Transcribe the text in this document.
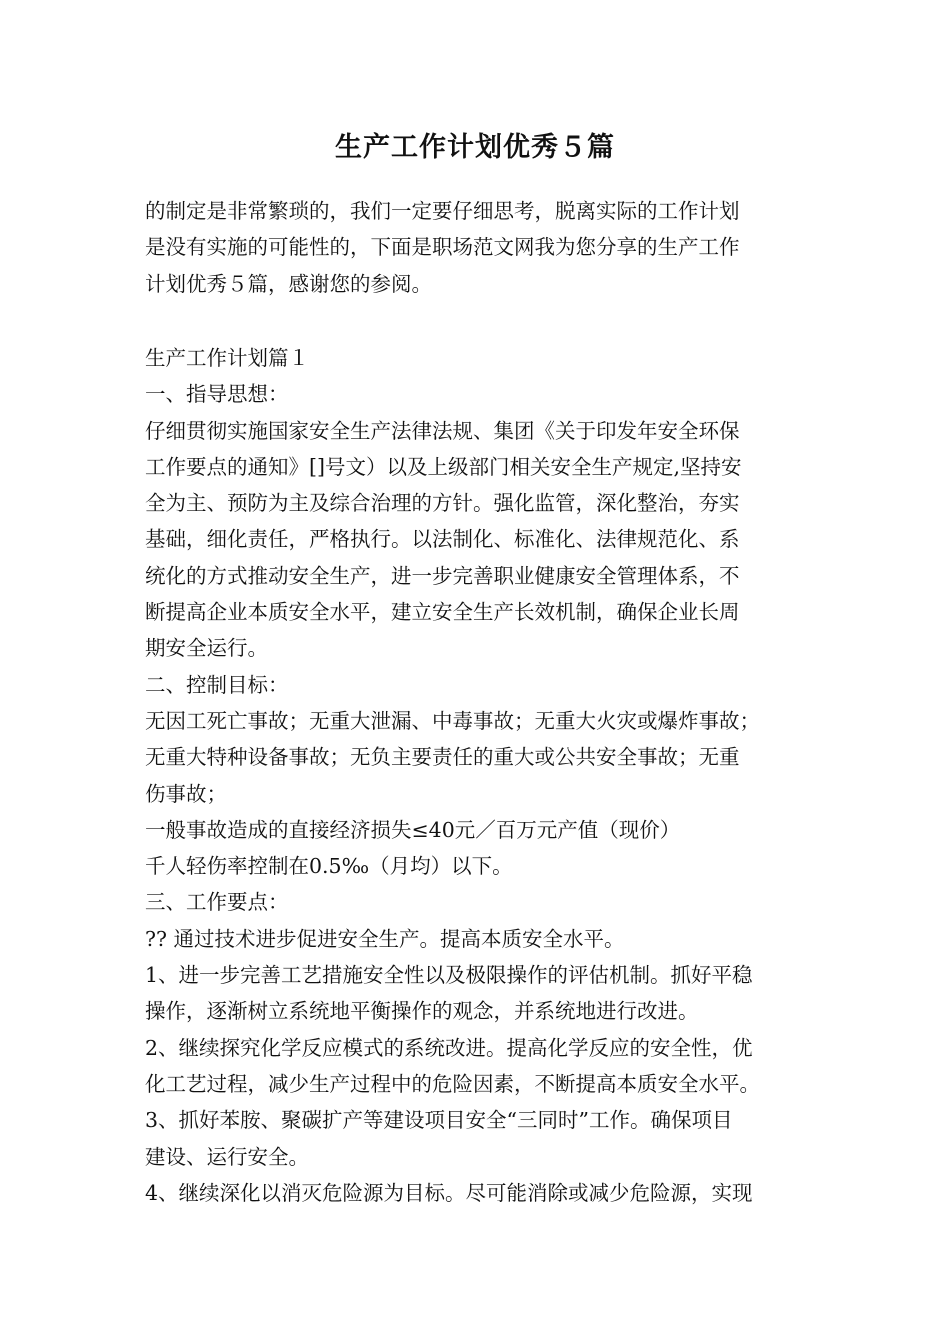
生产工作计划优秀５篇
的制定是非常繁琐的，我们一定要仔细思考，脱离实际的工作计划
是没有实施的可能性的，下面是职场范文网我为您分享的生产工作
计划优秀５篇，感谢您的参阅。
生产工作计划篇１
一、指导思想：
仔细贯彻实施国家安全生产法律法规、集团《关于印发年安全环保
工作要点的通知》[]号文）以及上级部门相关安全生产规定,坚持安
全为主、预防为主及综合治理的方针。强化监管，深化整治，夯实
基础，细化责任，严格执行。以法制化、标准化、法律规范化、系
统化的方式推动安全生产，进一步完善职业健康安全管理体系，不
断提高企业本质安全水平，建立安全生产长效机制，确保企业长周
期安全运行。
二、控制目标：
无因工死亡事故；无重大泄漏、中毒事故；无重大火灾或爆炸事故；
无重大特种设备事故；无负主要责任的重大或公共安全事故；无重
伤事故；
一般事故造成的直接经济损失≤40元／百万元产值（现价）
千人轻伤率控制在0.5‰（月均）以下。
三、工作要点：
?? 通过技术进步促进安全生产。提高本质安全水平。
1、进一步完善工艺措施安全性以及极限操作的评估机制。抓好平稳
操作，逐渐树立系统地平衡操作的观念，并系统地进行改进。
2、继续探究化学反应模式的系统改进。提高化学反应的安全性，优
化工艺过程，减少生产过程中的危险因素，不断提高本质安全水平。
3、抓好苯胺、聚碳扩产等建设项目安全“三同时”工作。确保项目
建设、运行安全。
4、继续深化以消灭危险源为目标。尽可能消除或减少危险源，实现
